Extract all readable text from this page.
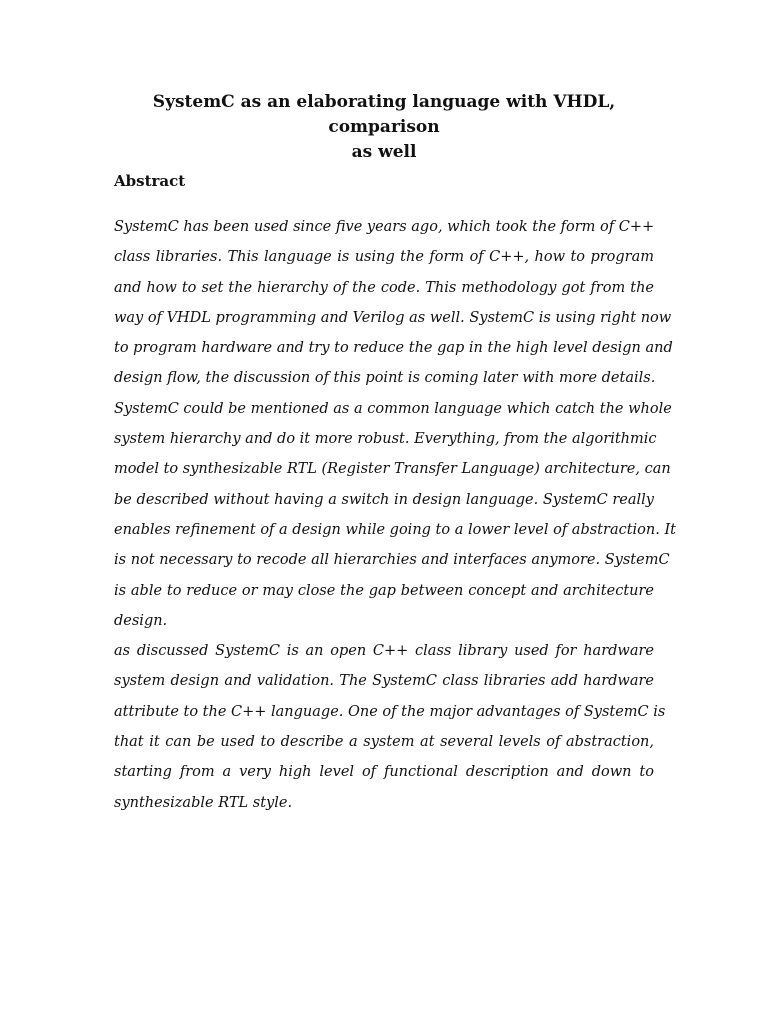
SystemC as an elaborating language with VHDL, comparison
as well
Abstract
SystemC has been used since five years ago, which took the form of C++
class libraries. This language is using the form of C++, how to program
and how to set the hierarchy of the code. This methodology got from the
way of VHDL programming and Verilog as well. SystemC is using right now
to program hardware and try to reduce the gap in the high level design and
design flow, the discussion of this point is coming later with more details.
SystemC could be mentioned as a common language which catch the whole
system hierarchy and do it more robust. Everything, from the algorithmic
model to synthesizable RTL (Register Transfer Language) architecture, can
be described without having a switch in design language. SystemC really
enables refinement of a design while going to a lower level of abstraction. It
is not necessary to recode all hierarchies and interfaces anymore. SystemC
is able to reduce or may close the gap between concept and architecture
design.
as discussed SystemC is an open C++ class library used for hardware
system design and validation. The SystemC class libraries add hardware
attribute to the C++ language. One of the major advantages of SystemC is
that it can be used to describe a system at several levels of abstraction,
starting from a very high level of functional description and down to
synthesizable RTL style.
